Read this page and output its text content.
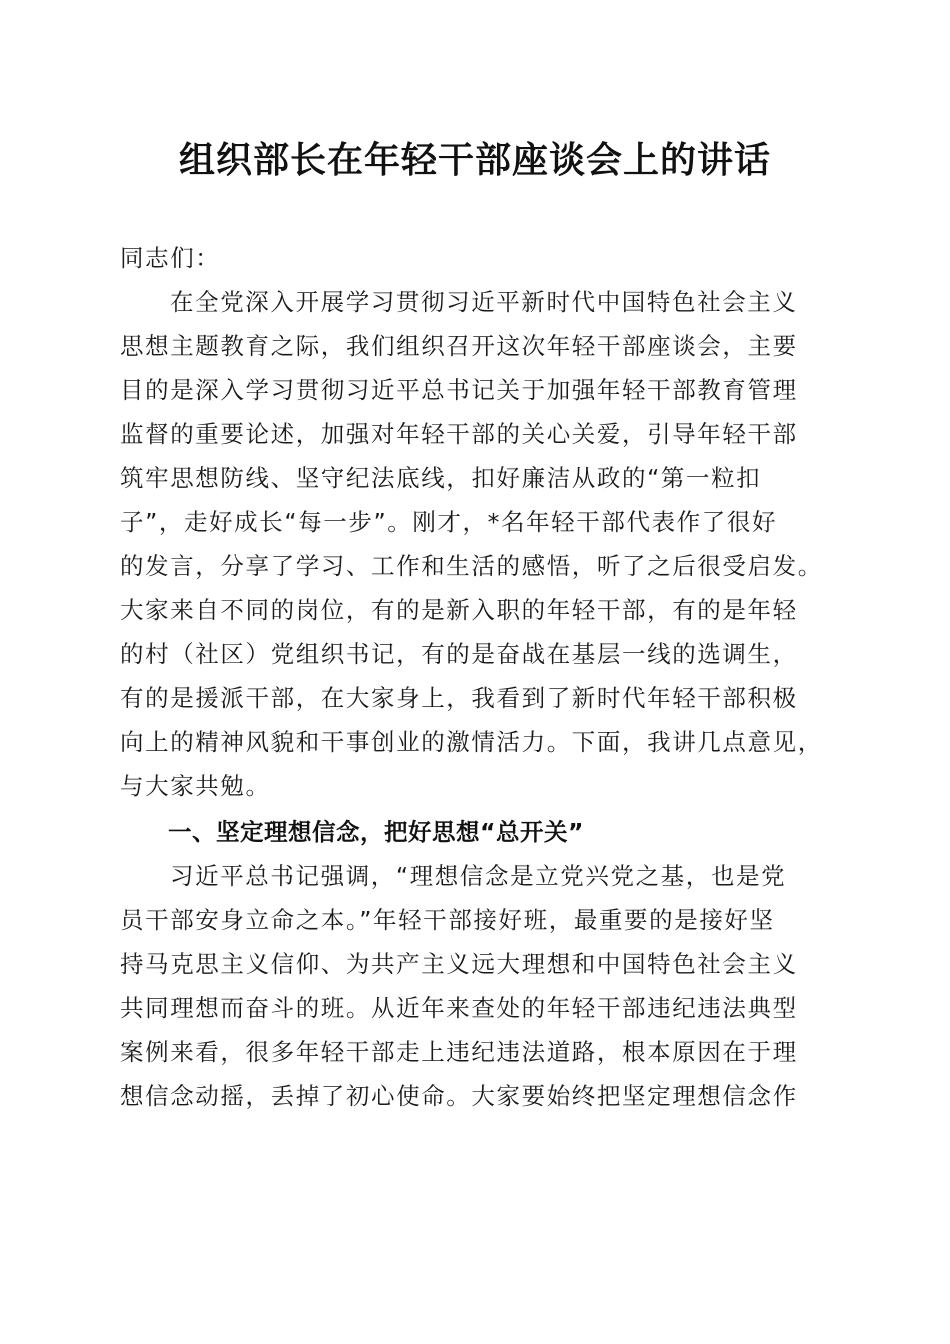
组织部长在年轻干部座谈会上的讲话
同志们：
在全党深入开展学习贯彻习近平新时代中国特色社会主义
思想主题教育之际，我们组织召开这次年轻干部座谈会，主要
目的是深入学习贯彻习近平总书记关于加强年轻干部教育管理
监督的重要论述，加强对年轻干部的关心关爱，引导年轻干部
筑牢思想防线、坚守纪法底线，扣好廉洁从政的“第一粒扣
子”，走好成长“每一步”。刚才，*名年轻干部代表作了很好
的发言，分享了学习、工作和生活的感悟，听了之后很受启发。
大家来自不同的岗位，有的是新入职的年轻干部，有的是年轻
的村（社区）党组织书记，有的是奋战在基层一线的选调生，
有的是援派干部，在大家身上，我看到了新时代年轻干部积极
向上的精神风貌和干事创业的激情活力。下面，我讲几点意见，
与大家共勉。
一、坚定理想信念，把好思想“总开关”
习近平总书记强调，“理想信念是立党兴党之基，也是党
员干部安身立命之本。”年轻干部接好班，最重要的是接好坚
持马克思主义信仰、为共产主义远大理想和中国特色社会主义
共同理想而奋斗的班。从近年来查处的年轻干部违纪违法典型
案例来看，很多年轻干部走上违纪违法道路，根本原因在于理
想信念动摇，丢掉了初心使命。大家要始终把坚定理想信念作
